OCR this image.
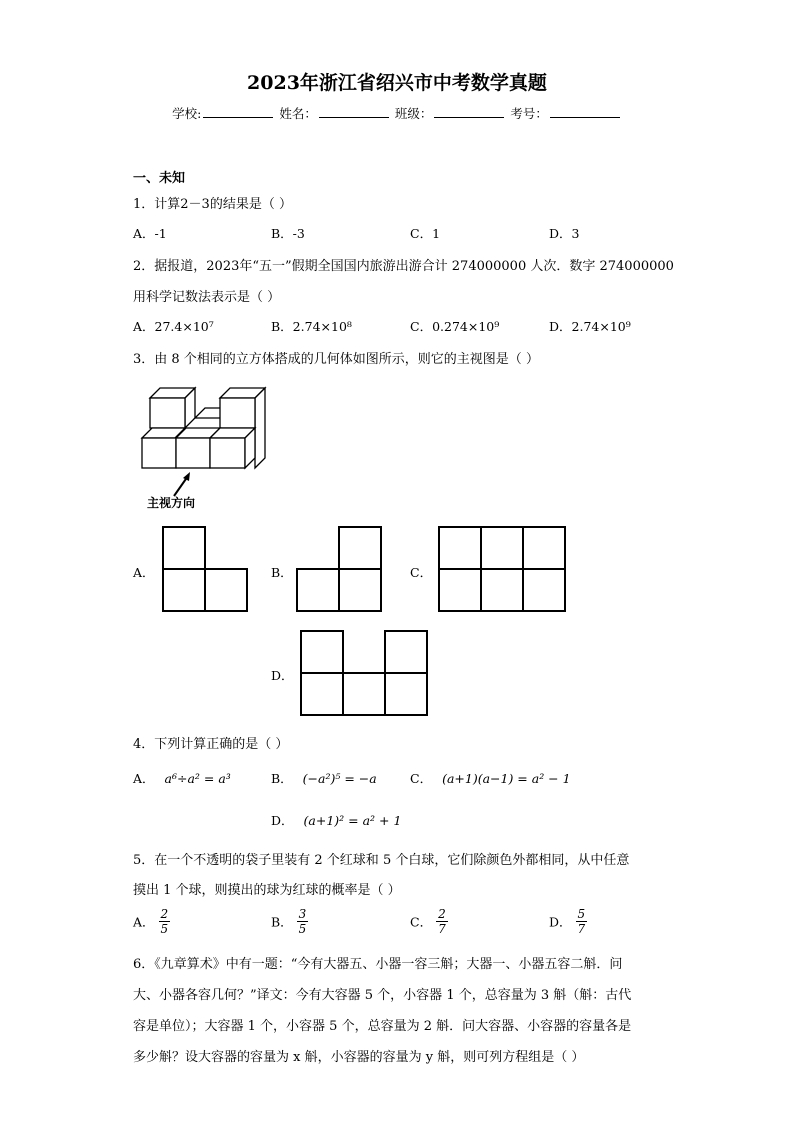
2023年浙江省绍兴市中考数学真题
学校:	姓名：	班级：	考号：
一、未知
1．计算2－3的结果是（ ）
A．-1	B．-3	C．1	D．3
2．据报道，2023年“五一”假期全国国内旅游出游合计 274000000 人次．数字 274000000
用科学记数法表示是（ ）
A．27.4×10⁷	B．2.74×10⁸	C．0.274×10⁹	D．2.74×10⁹
3．由 8 个相同的立方体搭成的几何体如图所示，则它的主视图是（ ）
主视方向
A．	B．	C．
D．
4．下列计算正确的是（ ）
A． a⁶÷a² = a³	B． (−a²)⁵ = −a	C． (a+1)(a−1) = a² − 1
D． (a+1)² = a² + 1
5．在一个不透明的袋子里装有 2 个红球和 5 个白球，它们除颜色外都相同，从中任意
摸出 1 个球，则摸出的球为红球的概率是（ ）
A． $\frac{2}{5}$	B． $\frac{3}{5}$	C． $\frac{2}{7}$	D． $\frac{5}{7}$
6．《九章算术》中有一题：“今有大器五、小器一容三斛；大器一、小器五容二斛．问
大、小器各容几何？”译文：今有大容器 5 个，小容器 1 个，总容量为 3 斛（斛：古代
容是单位）；大容器 1 个，小容器 5 个，总容量为 2 斛．问大容器、小容器的容量各是
多少斛？设大容器的容量为 x 斛，小容器的容量为 y 斛，则可列方程组是（ ）
